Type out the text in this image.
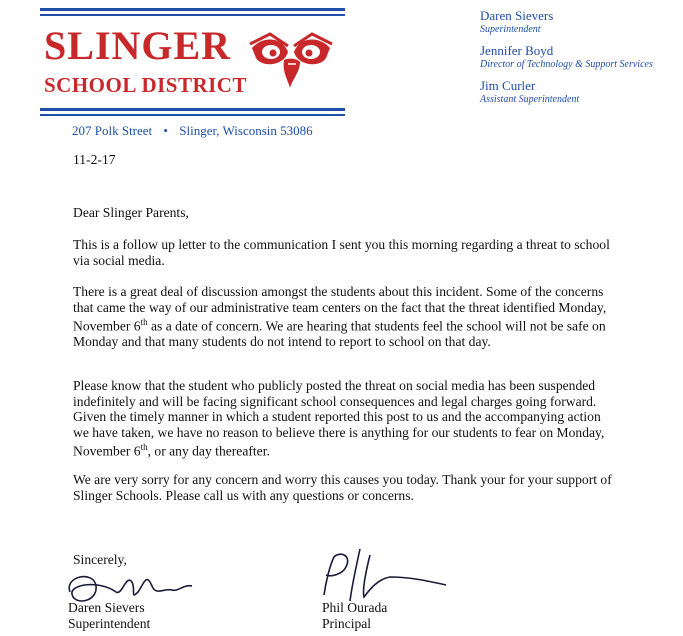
SLINGER
SCHOOL DISTRICT
207 Polk Street • Slinger, Wisconsin 53086
Daren Sievers
Superintendent
Jennifer Boyd
Director of Technology & Support Services
Jim Curler
Assistant Superintendent
11-2-17
Dear Slinger Parents,

This is a follow up letter to the communication I sent you this morning regarding a threat to school via social media.

There is a great deal of discussion amongst the students about this incident. Some of the concerns that came the way of our administrative team centers on the fact that the threat identified Monday, November 6th as a date of concern. We are hearing that students feel the school will not be safe on Monday and that many students do not intend to report to school on that day.

Please know that the student who publicly posted the threat on social media has been suspended indefinitely and will be facing significant school consequences and legal charges going forward. Given the timely manner in which a student reported this post to us and the accompanying action we have taken, we have no reason to believe there is anything for our students to fear on Monday, November 6th, or any day thereafter.

We are very sorry for any concern and worry this causes you today. Thank your for your support of Slinger Schools. Please call us with any questions or concerns.

Sincerely,
Daren Sievers
Superintendent
Phil Ourada
Principal
